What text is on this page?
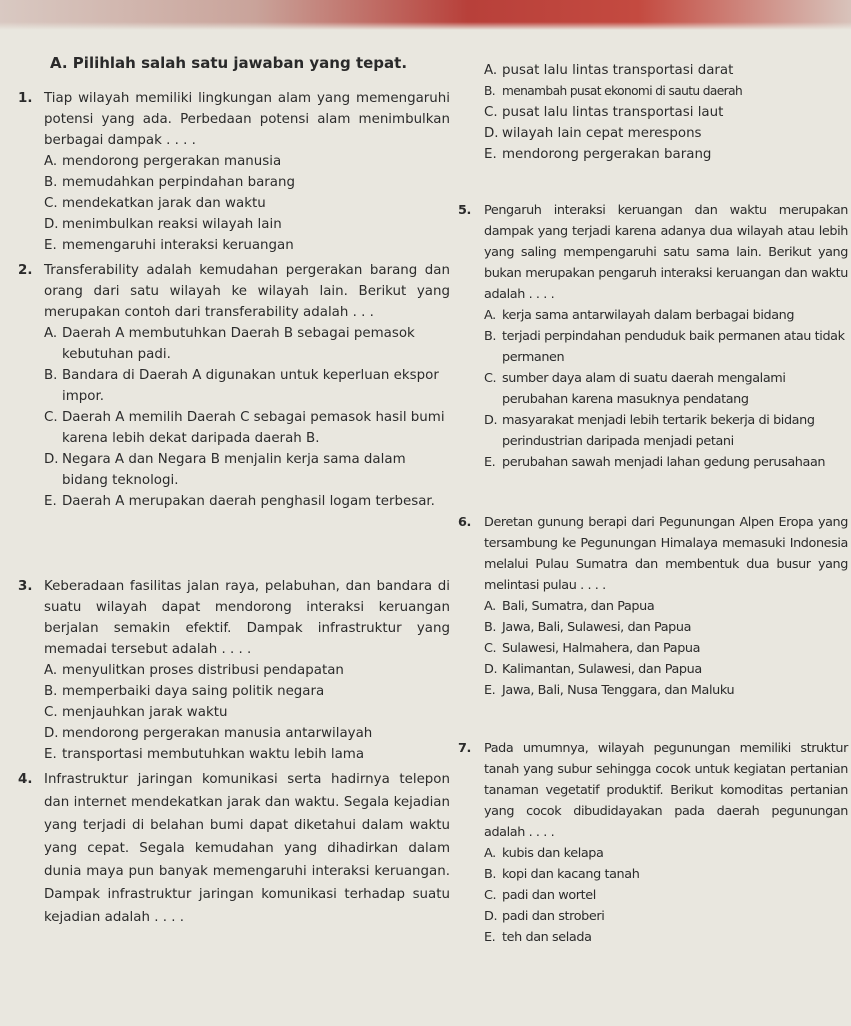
A. Pilihlah salah satu jawaban yang tepat.
1. Tiap wilayah memiliki lingkungan alam yang memengaruhi potensi yang ada. Perbedaan potensi alam menimbulkan berbagai dampak . . . .
A. mendorong pergerakan manusia
B. memudahkan perpindahan barang
C. mendekatkan jarak dan waktu
D. menimbulkan reaksi wilayah lain
E. memengaruhi interaksi keruangan
2. Transferability adalah kemudahan pergerakan barang dan orang dari satu wilayah ke wilayah lain. Berikut yang merupakan contoh dari transferability adalah . . .
A. Daerah A membutuhkan Daerah B sebagai pemasok kebutuhan padi.
B. Bandara di Daerah A digunakan untuk keperluan ekspor impor.
C. Daerah A memilih Daerah C sebagai pemasok hasil bumi karena lebih dekat daripada daerah B.
D. Negara A dan Negara B menjalin kerja sama dalam bidang teknologi.
E. Daerah A merupakan daerah penghasil logam terbesar.
3. Keberadaan fasilitas jalan raya, pelabuhan, dan bandara di suatu wilayah dapat mendorong interaksi keruangan berjalan semakin efektif. Dampak infrastruktur yang memadai tersebut adalah . . . .
A. menyulitkan proses distribusi pendapatan
B. memperbaiki daya saing politik negara
C. menjauhkan jarak waktu
D. mendorong pergerakan manusia antarwilayah
E. transportasi membutuhkan waktu lebih lama
4. Infrastruktur jaringan komunikasi serta hadirnya telepon dan internet mendekatkan jarak dan waktu. Segala kejadian yang terjadi di belahan bumi dapat diketahui dalam waktu yang cepat. Segala kemudahan yang dihadirkan dalam dunia maya pun banyak memengaruhi interaksi keruangan. Dampak infrastruktur jaringan komunikasi terhadap suatu kejadian adalah . . . .
A. pusat lalu lintas transportasi darat
B. menambah pusat ekonomi di sautu daerah
C. pusat lalu lintas transportasi laut
D. wilayah lain cepat merespons
E. mendorong pergerakan barang
5. Pengaruh interaksi keruangan dan waktu merupakan dampak yang terjadi karena adanya dua wilayah atau lebih yang saling mempengaruhi satu sama lain. Berikut yang bukan merupakan pengaruh interaksi keruangan dan waktu adalah . . . .
A. kerja sama antarwilayah dalam berbagai bidang
B. terjadi perpindahan penduduk baik permanen atau tidak permanen
C. sumber daya alam di suatu daerah mengalami perubahan karena masuknya pendatang
D. masyarakat menjadi lebih tertarik bekerja di bidang perindustrian daripada menjadi petani
E. perubahan sawah menjadi lahan gedung perusahaan
6. Deretan gunung berapi dari Pegunungan Alpen Eropa yang tersambung ke Pegunungan Himalaya memasuki Indonesia melalui Pulau Sumatra dan membentuk dua busur yang melintasi pulau . . . .
A. Bali, Sumatra, dan Papua
B. Jawa, Bali, Sulawesi, dan Papua
C. Sulawesi, Halmahera, dan Papua
D. Kalimantan, Sulawesi, dan Papua
E. Jawa, Bali, Nusa Tenggara, dan Maluku
7. Pada umumnya, wilayah pegunungan memiliki struktur tanah yang subur sehingga cocok untuk kegiatan pertanian tanaman vegetatif produktif. Berikut komoditas pertanian yang cocok dibudidayakan pada daerah pegunungan adalah . . . .
A. kubis dan kelapa
B. kopi dan kacang tanah
C. padi dan wortel
D. padi dan stroberi
E. teh dan selada
